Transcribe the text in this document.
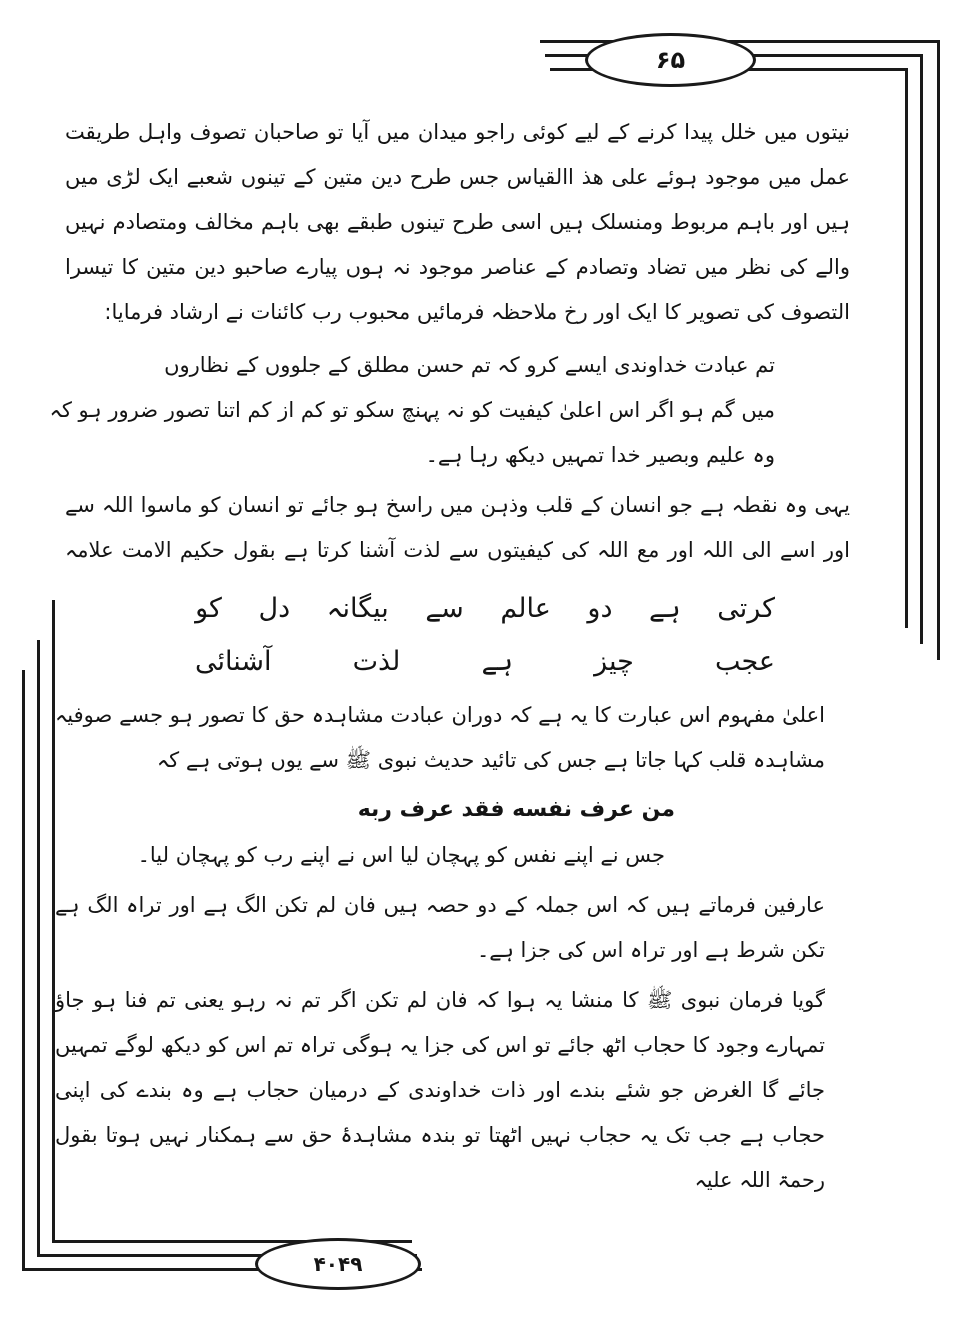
۶۵
۴۰۴۹
نیتوں میں خلل پیدا کرنے کے لیے کوئی راجو میدان میں آیا تو صاحبان تصوف واہل طریقت
عمل میں موجود ہوئے علی ھذ االقیاس جس طرح دین متین کے تینوں شعبے ایک لڑی میں
ہیں اور باہم مربوط ومنسلک ہیں اسی طرح تینوں طبقے بھی باہم مخالف ومتصادم نہیں
والے کی نظر میں تضاد وتصادم کے عناصر موجود نہ ہوں پیارے صاحبو دین متین کا تیسرا
التصوف کی تصویر کا ایک اور رخ ملاحظہ فرمائیں محبوب رب کائنات نے ارشاد فرمایا:
تم عبادت خداوندی ایسے کرو کہ تم حسن مطلق کے جلووں کے نظاروں
میں گم ہو اگر اس اعلیٰ کیفیت کو نہ پہنچ سکو تو کم از کم اتنا تصور ضرور ہو کہ
وہ علیم وبصیر خدا تمہیں دیکھ رہا ہے۔
یہی وہ نقطہ ہے جو انسان کے قلب وذہن میں راسخ ہو جائے تو انسان کو ماسوا اللہ سے
اور اسے الی اللہ اور مع اللہ کی کیفیتوں سے لذت آشنا کرتا ہے بقول حکیم الامت علامہ
کرتی
ہے
دو
عالم
سے
بیگانہ
دل
کو
عجب
چیز
ہے
لذت
آشنائی
اعلیٰ مفہوم اس عبارت کا یہ ہے کہ دوران عبادت مشاہدہ حق کا تصور ہو جسے صوفیہ
مشاہدہ قلب کہا جاتا ہے جس کی تائید حدیث نبوی ﷺ سے یوں ہوتی ہے کہ
من عرف نفسه فقد عرف ربه
جس نے اپنے نفس کو پہچان لیا اس نے اپنے رب کو پہچان لیا۔
عارفین فرماتے ہیں کہ اس جملہ کے دو حصہ ہیں فان لم تکن الگ ہے اور تراہ الگ ہے
تکن شرط ہے اور تراہ اس کی جزا ہے۔
گویا فرمان نبوی ﷺ کا منشا یہ ہوا کہ فان لم تکن اگر تم نہ رہو یعنی تم فنا ہو جاؤ
تمہارے وجود کا حجاب اٹھ جائے تو اس کی جزا یہ ہوگی تراہ تم اس کو دیکھ لوگے تمہیں
جائے گا الغرض جو شئے بندے اور ذات خداوندی کے درمیان حجاب ہے وہ بندے کی اپنی
حجاب ہے جب تک یہ حجاب نہیں اٹھتا تو بندہ مشاہدۂ حق سے ہمکنار نہیں ہوتا بقول
رحمۃ اللہ علیہ
